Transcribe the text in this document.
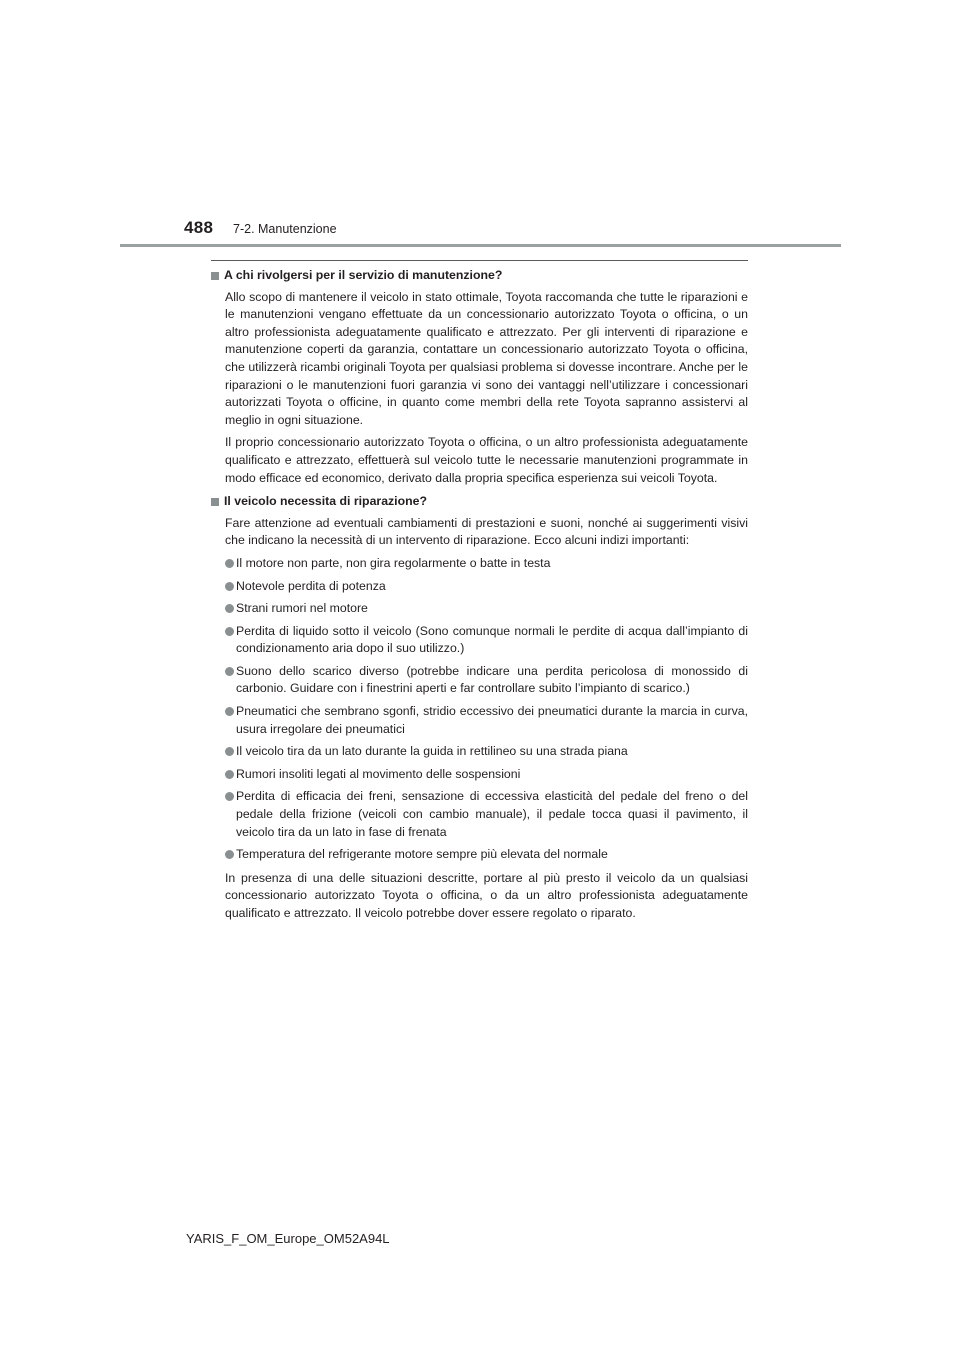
488 7-2. Manutenzione
A chi rivolgersi per il servizio di manutenzione?

Allo scopo di mantenere il veicolo in stato ottimale, Toyota raccomanda che tutte le riparazioni e le manutenzioni vengano effettuate da un concessionario autorizzato Toyota o officina, o un altro professionista adeguatamente qualificato e attrezzato. Per gli interventi di riparazione e manutenzione coperti da garanzia, contattare un concessionario autorizzato Toyota o officina, che utilizzerà ricambi originali Toyota per qualsiasi problema si dovesse incontrare. Anche per le riparazioni o le manutenzioni fuori garanzia vi sono dei vantaggi nell’utilizzare i concessionari autorizzati Toyota o officine, in quanto come membri della rete Toyota sapranno assistervi al meglio in ogni situazione.

Il proprio concessionario autorizzato Toyota o officina, o un altro professionista adeguatamente qualificato e attrezzato, effettuerà sul veicolo tutte le necessarie manutenzioni programmate in modo efficace ed economico, derivato dalla propria specifica esperienza sui veicoli Toyota.

Il veicolo necessita di riparazione?

Fare attenzione ad eventuali cambiamenti di prestazioni e suoni, nonché ai suggerimenti visivi che indicano la necessità di un intervento di riparazione. Ecco alcuni indizi importanti:

Il motore non parte, non gira regolarmente o batte in testa
Notevole perdita di potenza
Strani rumori nel motore
Perdita di liquido sotto il veicolo (Sono comunque normali le perdite di acqua dall’impianto di condizionamento aria dopo il suo utilizzo.)
Suono dello scarico diverso (potrebbe indicare una perdita pericolosa di monossido di carbonio. Guidare con i finestrini aperti e far controllare subito l’impianto di scarico.)
Pneumatici che sembrano sgonfi, stridio eccessivo dei pneumatici durante la marcia in curva, usura irregolare dei pneumatici
Il veicolo tira da un lato durante la guida in rettilineo su una strada piana
Rumori insoliti legati al movimento delle sospensioni
Perdita di efficacia dei freni, sensazione di eccessiva elasticità del pedale del freno o del pedale della frizione (veicoli con cambio manuale), il pedale tocca quasi il pavimento, il veicolo tira da un lato in fase di frenata
Temperatura del refrigerante motore sempre più elevata del normale

In presenza di una delle situazioni descritte, portare al più presto il veicolo da un qualsiasi concessionario autorizzato Toyota o officina, o da un altro professionista adeguatamente qualificato e attrezzato. Il veicolo potrebbe dover essere regolato o riparato.

YARIS_F_OM_Europe_OM52A94L
